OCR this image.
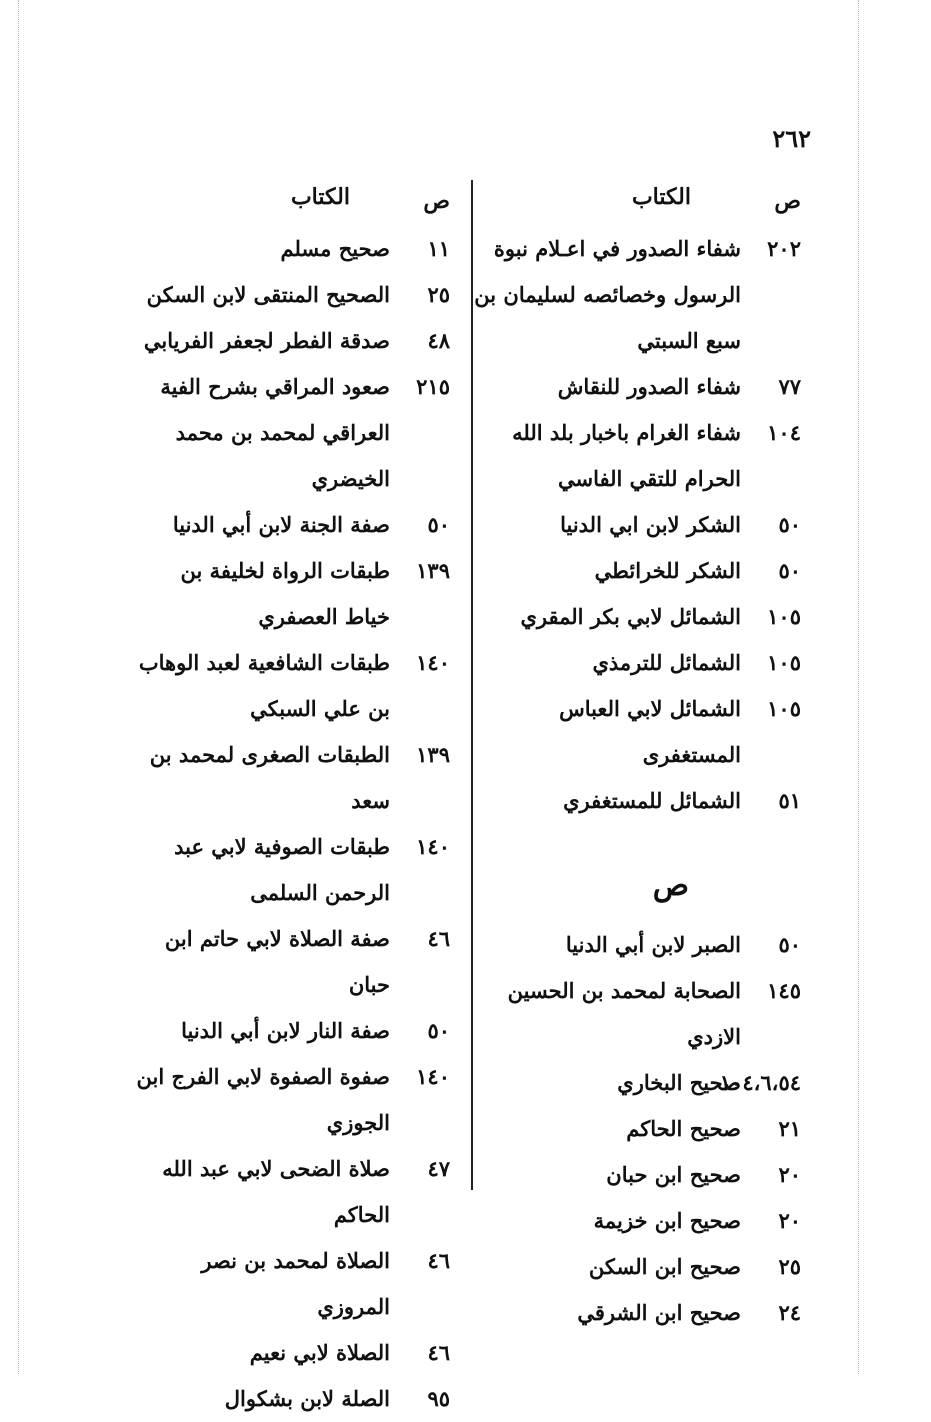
٢٦٢
ص
الكتاب
٢٠٢
شفاء الصدور في اعـلام نبوة الرسول وخصائصه لسليمان بن سبع السبتي
٧٧
شفاء الصدور للنقاش
١٠٤
شفاء الغرام باخبار بلد الله الحرام للتقي الفاسي
٥٠
الشكر لابن ابي الدنيا
٥٠
الشكر للخرائطي
١٠٥
الشمائل لابي بكر المقري
١٠٥
الشمائل للترمذي
١٠٥
الشمائل لابي العباس المستغفرى
٥١
الشمائل للمستغفري
ص
٥٠
الصبر لابن أبي الدنيا
١٤٥
الصحابة لمحمد بن الحسين الازدي
١٠٤،٦،٥٤
صحيح البخاري
٢١
صحيح الحاكم
٢٠
صحيح ابن حبان
٢٠
صحيح ابن خزيمة
٢٥
صحيح ابن السكن
٢٤
صحيح ابن الشرقي
ص
الكتاب
١١
صحيح مسلم
٢٥
الصحيح المنتقى لابن السكن
٤٨
صدقة الفطر لجعفر الفريابي
٢١٥
صعود المراقي بشرح الفية العراقي لمحمد بن محمد الخيضري
٥٠
صفة الجنة لابن أبي الدنيا
١٣٩
طبقات الرواة لخليفة بن خياط العصفري
١٤٠
طبقات الشافعية لعبد الوهاب بن علي السبكي
١٣٩
الطبقات الصغرى لمحمد بن سعد
١٤٠
طبقات الصوفية لابي عبد الرحمن السلمى
٤٦
صفة الصلاة لابي حاتم ابن حبان
٥٠
صفة النار لابن أبي الدنيا
١٤٠
صفوة الصفوة لابي الفرج ابن الجوزي
٤٧
صلاة الضحى لابي عبد الله الحاكم
٤٦
الصلاة لمحمد بن نصر المروزي
٤٦
الصلاة لابي نعيم
٩٥
الصلة لابن بشكوال
